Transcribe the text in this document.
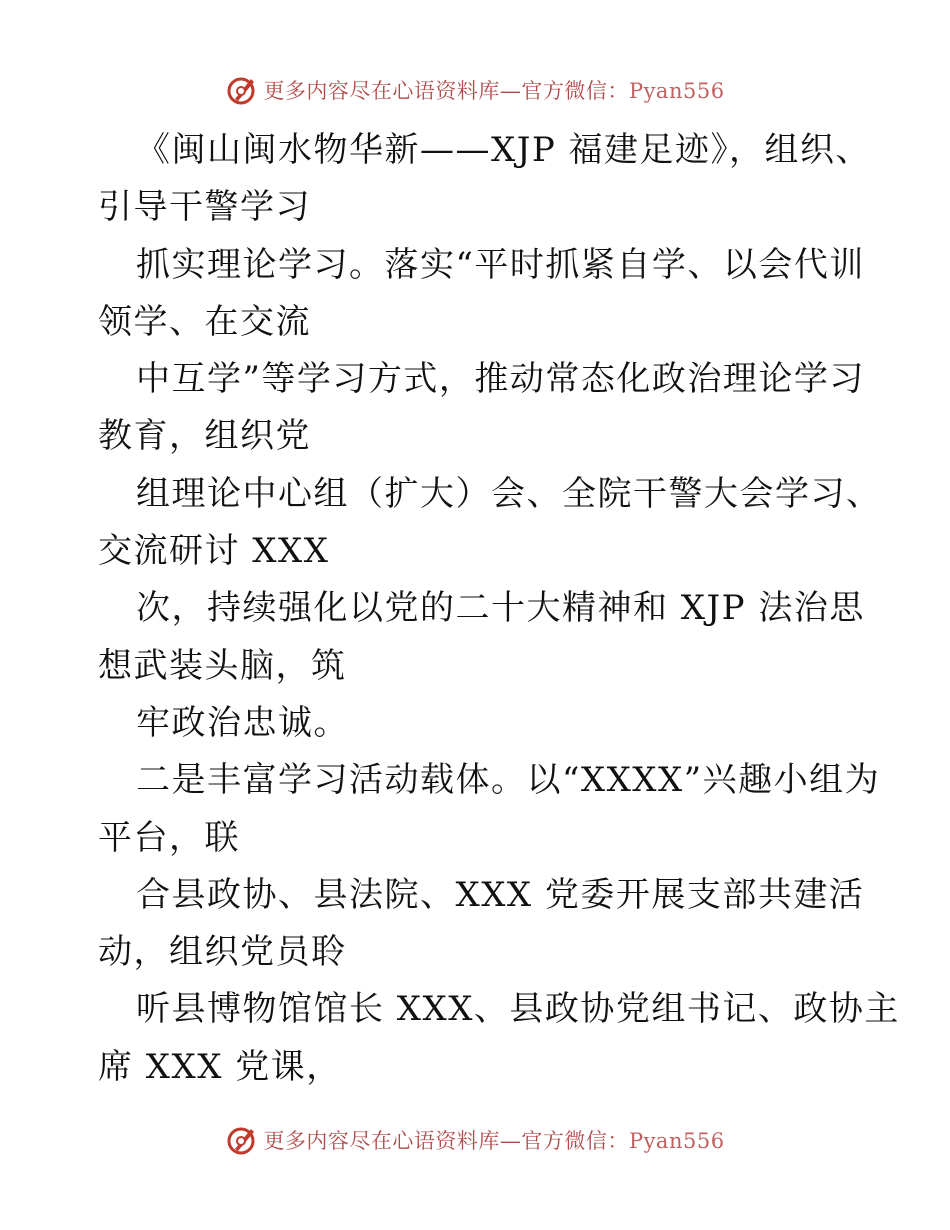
更多内容尽在心语资料库—官方微信：Pyan556
《闽山闽水物华新——XJP 福建足迹》，组织、
引导干警学习
抓实理论学习。落实“平时抓紧自学、以会代训
领学、在交流
中互学”等学习方式，推动常态化政治理论学习
教育，组织党
组理论中心组（扩大）会、全院干警大会学习、
交流研讨 XXX
次，持续强化以党的二十大精神和 XJP 法治思
想武装头脑，筑
牢政治忠诚。
二是丰富学习活动载体。以“XXXX”兴趣小组为
平台，联
合县政协、县法院、XXX 党委开展支部共建活
动，组织党员聆
听县博物馆馆长 XXX、县政协党组书记、政协主
席 XXX 党课，
更多内容尽在心语资料库—官方微信：Pyan556
